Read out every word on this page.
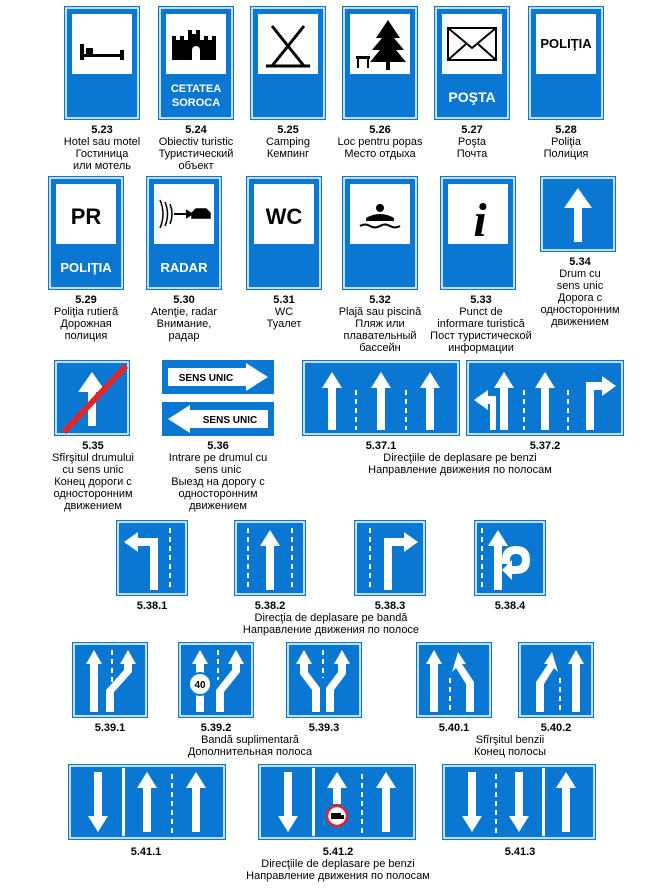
CETATEA
SOROCA	POŞTA
POLIŢIA
5.23
Hotel sau motel
Гостиница
или мотель
5.24
Obiectiv turistic
Туристический
объект
5.25
Camping
Кемпинг
5.26
Loc pentru popas
Место отдыха
5.27
Poşta
Почта
5.28
Poliţia
Полиция
PR
POLIŢIA	RADAR
WC	i
5.29
Poliţia rutieră
Дорожная
полиция
5.30
Atenţie, radar
Внимание,
радар
5.31
WC
Туалет
5.32
Plajă sau piscină
Пляж или
плавательный
бассейн
5.33
Punct de
informare turistică
Пост туристической
информации
5.34
Drum cu
sens unic
Дорога с
односторонним
движением
SENS UNIC
SENS UNIC
5.35
Sfîrşitul drumului
cu sens unic
Конец дороги с
односторонним
движением
5.36
Intrare pe drumul cu
sens unic
Выезд на дорогу с
односторонним
движением
5.37.1	5.37.2
Direcţiile de deplasare pe benzi
Направление движения по полосам
5.38.1	5.38.2	5.38.3	5.38.4
Direcţia de deplasare pe bandă
Направление движения по полосе
40
5.39.1	5.39.2	5.39.3	5.40.1	5.40.2
Bandă suplimentară
Дополнительная полоса
Sfîrşitul benzii
Конец полосы
5.41.1	5.41.2	5.41.3
Direcţiile de deplasare pe benzi
Направление движения по полосам
